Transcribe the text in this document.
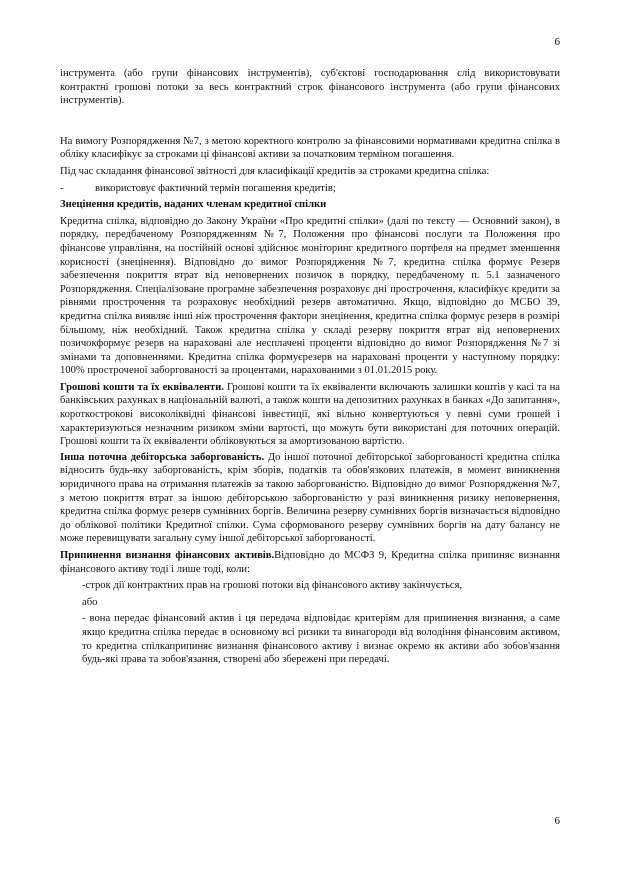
6

інструмента (або групи фінансових інструментів), суб'єктові господарювання слід використовувати контрактні грошові потоки за весь контрактний строк фінансового інструмента (або групи фінансових інструментів).

На вимогу Розпорядження №7, з метою коректного контролю за фінансовими нормативами кредитна спілка в обліку класифікує за строками ці фінансові активи за початковим терміном погашення.

Під час складання фінансової звітності для класифікації кредитів за строками кредитна спілка:

-	використовує фактичний термін погашення кредитів;

Знецінення кредитів, наданих членам кредитної спілки

Кредитна спілка, відповідно до Закону України «Про кредитні спілки» (далі по тексту — Основний закон), в порядку, передбаченому Розпорядженням №7, Положення про фінансові послуги та Положення про фінансове управління, на постійній основі здійснює моніторинг кредитного портфеля на предмет зменшення корисності (знецінення). Відповідно до вимог Розпорядження №7, кредитна спілка формує Резерв забезпечення покриття втрат від неповернених позичок в порядку, передбаченому п. 5.1 зазначеного Розпорядження. Спеціалізоване програмне забезпечення розраховує дні прострочення, класифікує кредити за рівнями прострочення та розраховує необхідний резерв автоматично. Якщо, відповідно до МСБО 39, кредитна спілка виявляє інші ніж прострочення фактори знецінення, кредитна спілка формує резерв в розмірі більшому, ніж необхідний. Також кредитна спілка у складі резерву покриття втрат від неповернених позичокформує резерв на нараховані але несплачені проценти відповідно до вимог Розпорядження №7 зі змінами та доповненнями. Кредитна спілка формуєрезерв на нараховані проценти у наступному порядку: 100% простроченої заборгованості за процентами, нарахованими з 01.01.2015 року.

Грошові кошти та їх еквіваленти. Грошові кошти та їх еквіваленти включають залишки коштів у касі та на банківських рахунках в національній валюті, а також кошти на депозитних рахунках в банках «До запитання», короткострокові високоліквідні фінансові інвестиції, які вільно конвертуються у певні суми грошей і характеризуються незначним ризиком зміни вартості, що можуть бути використані для поточних операцій. Грошові кошти та їх еквіваленти обліковуються за амортизованою вартістю.

Інша поточна дебіторська заборгованість. До іншої поточної дебіторської заборгованості кредитна спілка відносить будь-яку заборгованість, крім зборів, податків та обов'язкових платежів, в момент виникнення юридичного права на отримання платежів за такою заборгованістю. Відповідно до вимог Розпорядження №7, з метою покриття втрат за іншою дебіторською заборгованістю у разі виникнення ризику неповернення, кредитна спілка формує резерв сумнівних боргів. Величина резерву сумнівних боргів визначається відповідно до облікової політики Кредитної спілки. Сума сформованого резерву сумнівних боргів на дату балансу не може перевищувати загальну суму іншої дебіторської заборгованості.

Припинення визнання фінансових активів.Відповідно до МСФЗ 9, Кредитна спілка припиняє визнання фінансового активу тоді і лише тоді, коли:

-строк дії контрактних прав на грошові потоки від фінансового активу закінчується,

або

- вона передає фінансовий актив і ця передача відповідає критеріям для припинення визнання, а саме якщо кредитна спілка передає в основному всі ризики та винагороди від володіння фінансовим активом, то кредитна спілкаприпиняє визнання фінансового активу і визнає окремо як активи або зобов'язання будь-які права та зобов'язання, створені або збережені при передачі.

6
